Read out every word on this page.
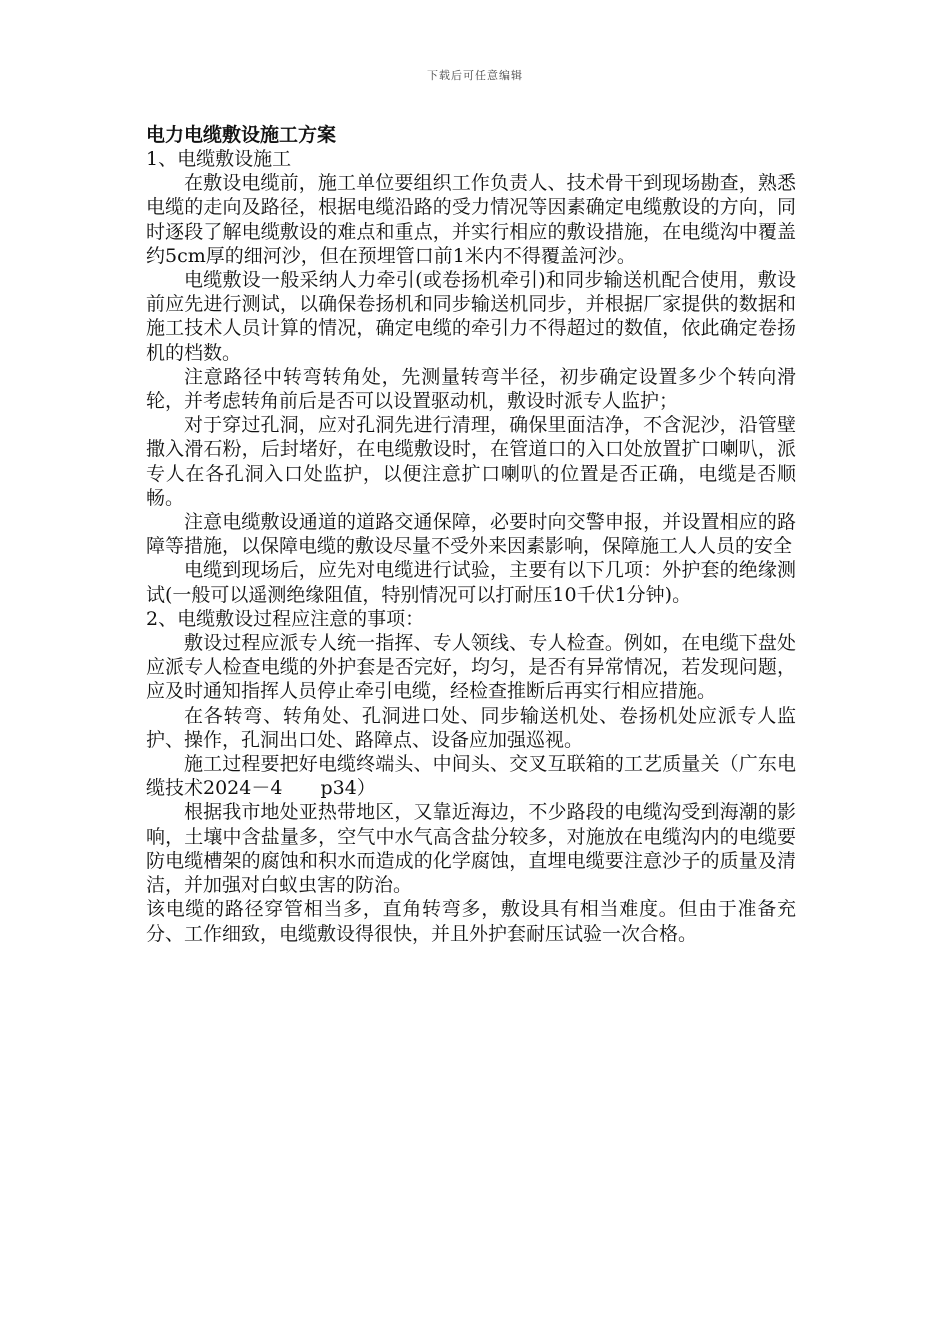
下载后可任意编辑
电力电缆敷设施工方案

1、电缆敷设施工

在敷设电缆前，施工单位要组织工作负责人、技术骨干到现场勘查，熟悉电缆的走向及路径，根据电缆沿路的受力情况等因素确定电缆敷设的方向，同时逐段了解电缆敷设的难点和重点，并实行相应的敷设措施，在电缆沟中覆盖约5cm厚的细河沙，但在预埋管口前1米内不得覆盖河沙。

电缆敷设一般采纳人力牵引(或卷扬机牵引)和同步输送机配合使用，敷设前应先进行测试，以确保卷扬机和同步输送机同步，并根据厂家提供的数据和施工技术人员计算的情况，确定电缆的牵引力不得超过的数值，依此确定卷扬机的档数。

注意路径中转弯转角处，先测量转弯半径，初步确定设置多少个转向滑轮，并考虑转角前后是否可以设置驱动机，敷设时派专人监护；

对于穿过孔洞，应对孔洞先进行清理，确保里面洁净，不含泥沙，沿管壁撒入滑石粉，后封堵好，在电缆敷设时，在管道口的入口处放置扩口喇叭，派专人在各孔洞入口处监护，以便注意扩口喇叭的位置是否正确，电缆是否顺畅。

注意电缆敷设通道的道路交通保障，必要时向交警申报，并设置相应的路障等措施，以保障电缆的敷设尽量不受外来因素影响，保障施工人人员的安全

电缆到现场后，应先对电缆进行试验，主要有以下几项：外护套的绝缘测试(一般可以遥测绝缘阻值，特别情况可以打耐压10千伏1分钟)。

2、电缆敷设过程应注意的事项：

敷设过程应派专人统一指挥、专人领线、专人检查。例如，在电缆下盘处应派专人检查电缆的外护套是否完好，均匀，是否有异常情况，若发现问题，应及时通知指挥人员停止牵引电缆，经检查推断后再实行相应措施。

在各转弯、转角处、孔洞进口处、同步输送机处、卷扬机处应派专人监护、操作，孔洞出口处、路障点、设备应加强巡视。

施工过程要把好电缆终端头、中间头、交叉互联箱的工艺质量关（广东电缆技术2024－4　　p34）

根据我市地处亚热带地区，又靠近海边，不少路段的电缆沟受到海潮的影响，土壤中含盐量多，空气中水气高含盐分较多，对施放在电缆沟内的电缆要防电缆槽架的腐蚀和积水而造成的化学腐蚀，直埋电缆要注意沙子的质量及清洁，并加强对白蚁虫害的防治。

该电缆的路径穿管相当多，直角转弯多，敷设具有相当难度。但由于准备充分、工作细致，电缆敷设得很快，并且外护套耐压试验一次合格。
